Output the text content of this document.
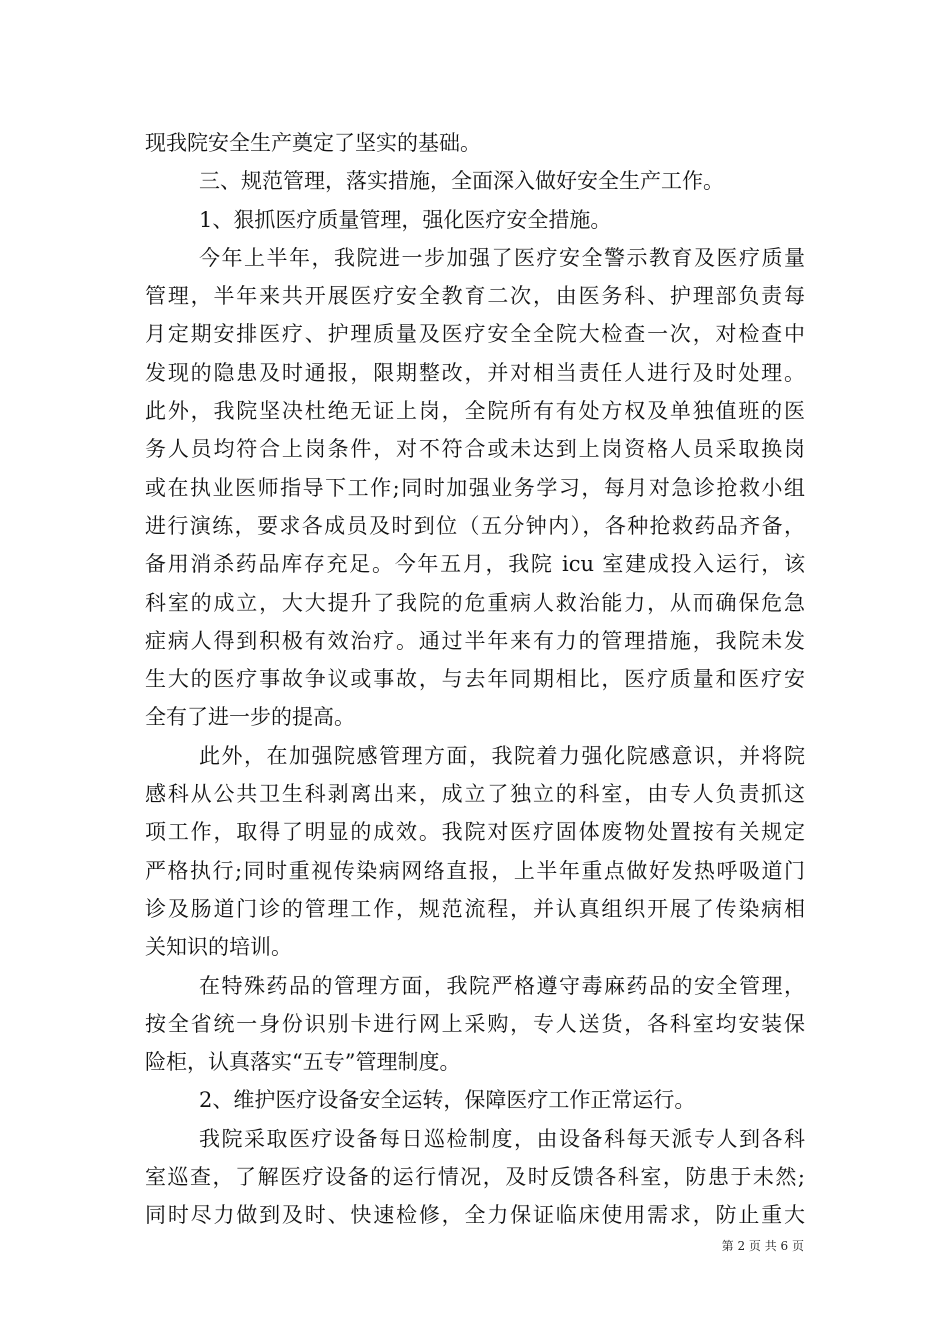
现我院安全生产奠定了坚实的基础。
三、规范管理，落实措施，全面深入做好安全生产工作。
1、狠抓医疗质量管理，强化医疗安全措施。
今年上半年，我院进一步加强了医疗安全警示教育及医疗质量
管理，半年来共开展医疗安全教育二次，由医务科、护理部负责每
月定期安排医疗、护理质量及医疗安全全院大检查一次，对检查中
发现的隐患及时通报，限期整改，并对相当责任人进行及时处理。
此外，我院坚决杜绝无证上岗，全院所有有处方权及单独值班的医
务人员均符合上岗条件，对不符合或未达到上岗资格人员采取换岗
或在执业医师指导下工作;同时加强业务学习，每月对急诊抢救小组
进行演练，要求各成员及时到位（五分钟内），各种抢救药品齐备，
备用消杀药品库存充足。今年五月，我院 icu 室建成投入运行，该
科室的成立，大大提升了我院的危重病人救治能力，从而确保危急
症病人得到积极有效治疗。通过半年来有力的管理措施，我院未发
生大的医疗事故争议或事故，与去年同期相比，医疗质量和医疗安
全有了进一步的提高。
此外，在加强院感管理方面，我院着力强化院感意识，并将院
感科从公共卫生科剥离出来，成立了独立的科室，由专人负责抓这
项工作，取得了明显的成效。我院对医疗固体废物处置按有关规定
严格执行;同时重视传染病网络直报，上半年重点做好发热呼吸道门
诊及肠道门诊的管理工作，规范流程，并认真组织开展了传染病相
关知识的培训。
在特殊药品的管理方面，我院严格遵守毒麻药品的安全管理，
按全省统一身份识别卡进行网上采购，专人送货，各科室均安装保
险柜，认真落实“五专”管理制度。
2、维护医疗设备安全运转，保障医疗工作正常运行。
我院采取医疗设备每日巡检制度，由设备科每天派专人到各科
室巡查，了解医疗设备的运行情况，及时反馈各科室，防患于未然;
同时尽力做到及时、快速检修，全力保证临床使用需求，防止重大
第 2 页 共 6 页
